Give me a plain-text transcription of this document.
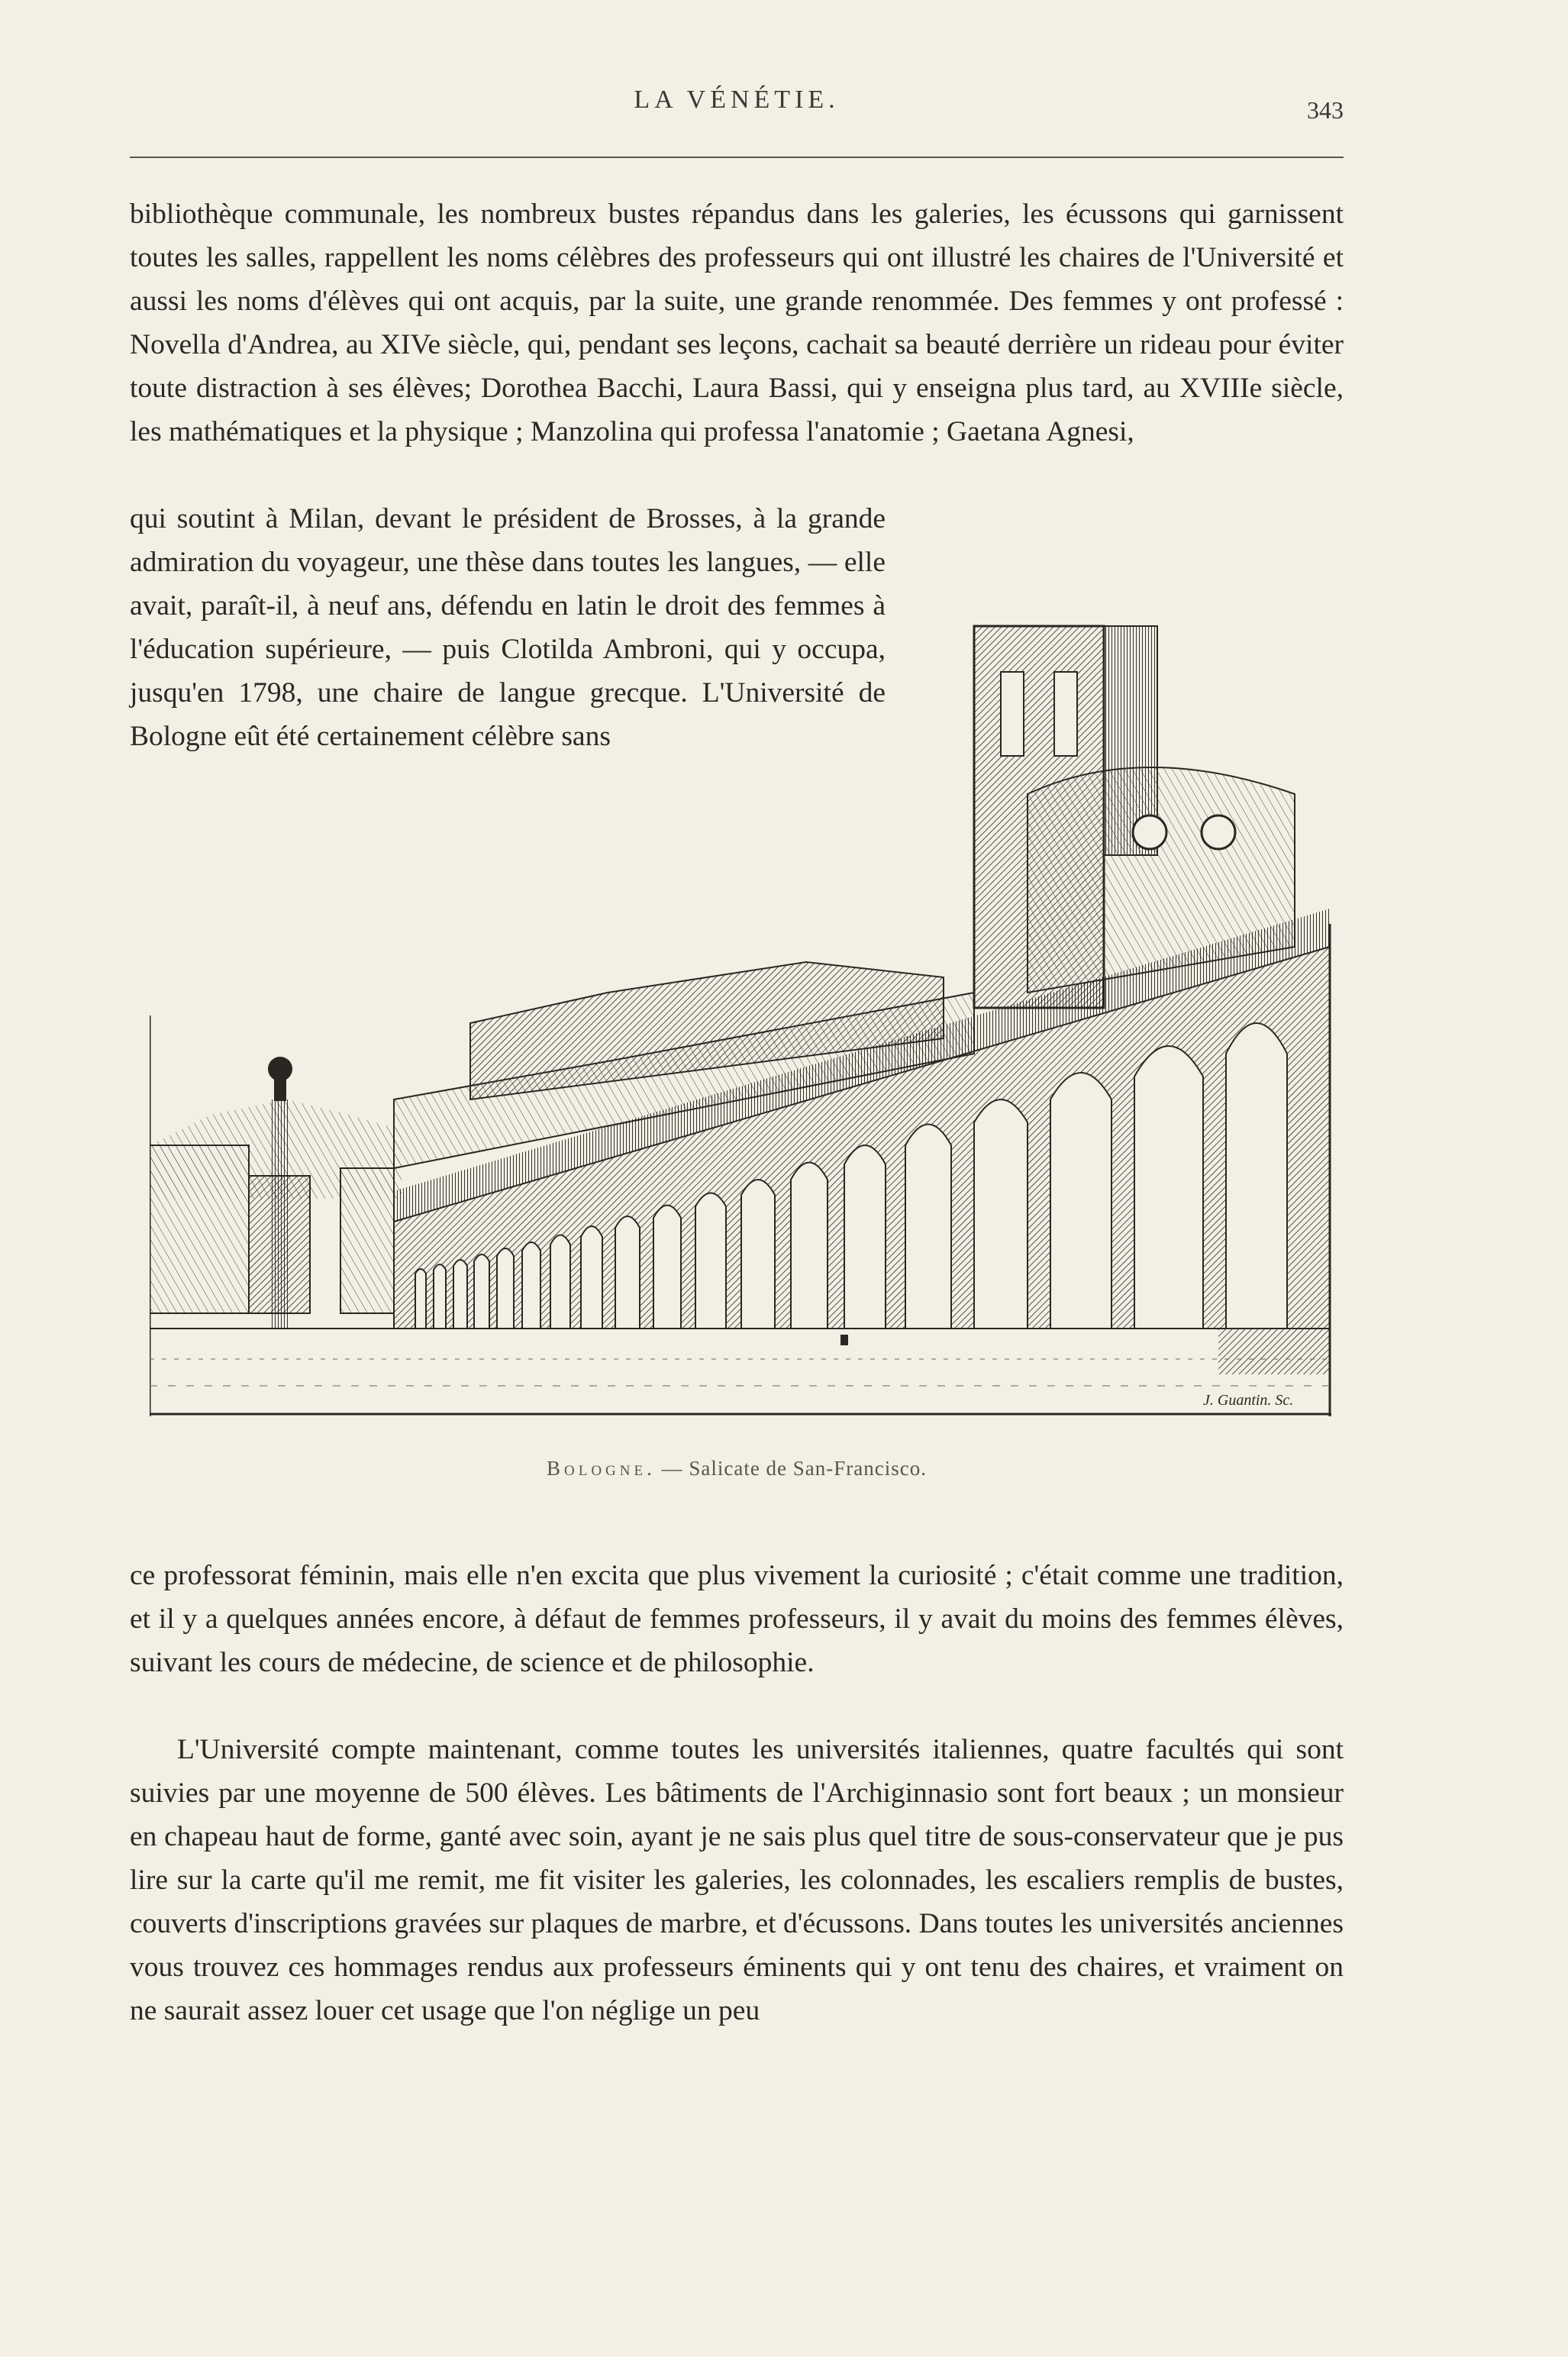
LA VÉNÉTIE.	343

bibliothèque communale, les nombreux bustes répandus dans les galeries, les écussons qui garnissent toutes les salles, rappellent les noms célèbres des professeurs qui ont illustré les chaires de l'Université et aussi les noms d'élèves qui ont acquis, par la suite, une grande renommée. Des femmes y ont professé : Novella d'Andrea, au XIVe siècle, qui, pendant ses leçons, cachait sa beauté derrière un rideau pour éviter toute distraction à ses élèves; Dorothea Bacchi, Laura Bassi, qui y enseigna plus tard, au XVIIIe siècle, les mathématiques et la physique ; Manzolina qui professa l'anatomie ; Gaetana Agnesi,

qui soutint à Milan, devant le président de Brosses, à la grande admiration du voyageur, une thèse dans toutes les langues, — elle avait, paraît-il, à neuf ans, défendu en latin le droit des femmes à l'éducation supérieure, — puis Clotilda Ambroni, qui y occupa, jusqu'en 1798, une chaire de langue grecque. L'Université de Bologne eût été certainement célèbre sans

J. Guantin. Sc.
Bologne. — Salicate de San-Francisco.

ce professorat féminin, mais elle n'en excita que plus vivement la curiosité ; c'était comme une tradition, et il y a quelques années encore, à défaut de femmes professeurs, il y avait du moins des femmes élèves, suivant les cours de médecine, de science et de philosophie.

L'Université compte maintenant, comme toutes les universités italiennes, quatre facultés qui sont suivies par une moyenne de 500 élèves. Les bâtiments de l'Archiginnasio sont fort beaux ; un monsieur en chapeau haut de forme, ganté avec soin, ayant je ne sais plus quel titre de sous-conservateur que je pus lire sur la carte qu'il me remit, me fit visiter les galeries, les colonnades, les escaliers remplis de bustes, couverts d'inscriptions gravées sur plaques de marbre, et d'écussons. Dans toutes les universités anciennes vous trouvez ces hommages rendus aux professeurs éminents qui y ont tenu des chaires, et vraiment on ne saurait assez louer cet usage que l'on néglige un peu
